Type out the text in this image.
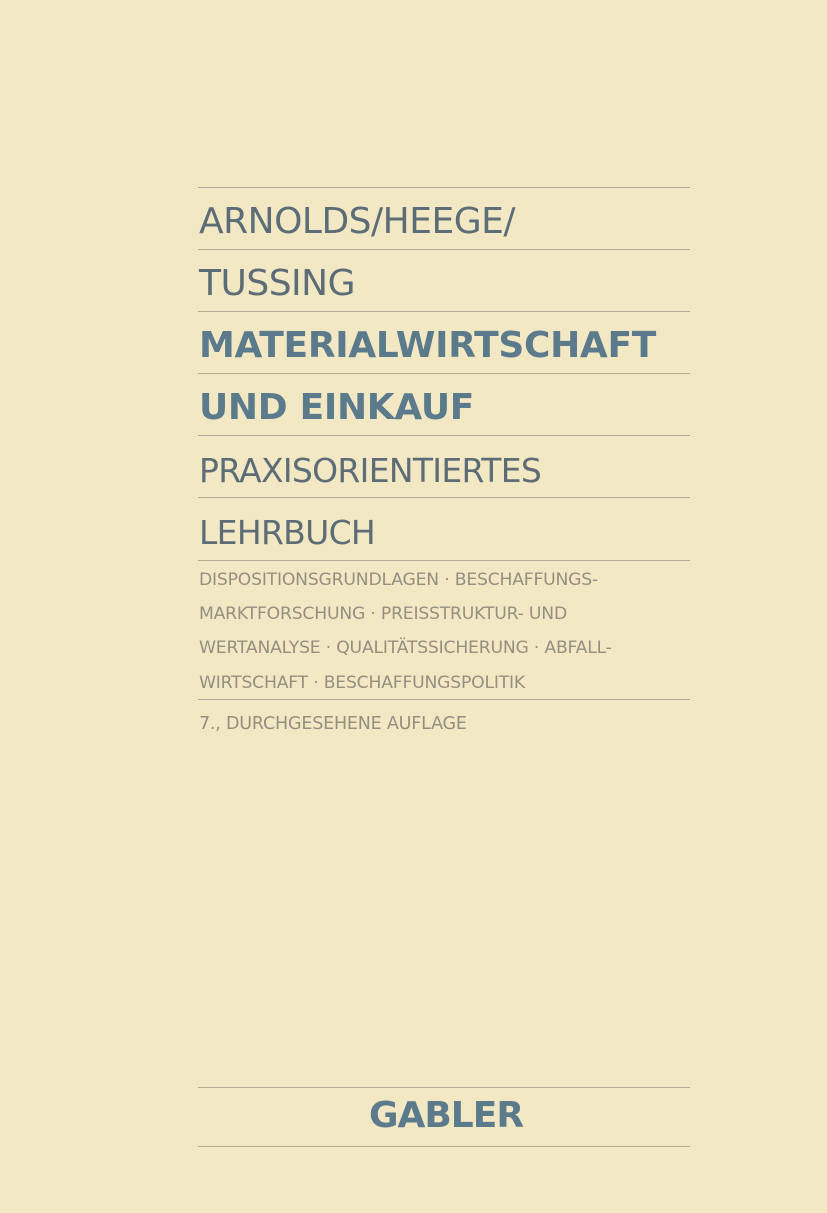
ARNOLDS/HEEGE/
TUSSING
MATERIALWIRTSCHAFT
UND EINKAUF
PRAXISORIENTIERTES
LEHRBUCH
DISPOSITIONSGRUNDLAGEN · BESCHAFFUNGS-
MARKTFORSCHUNG · PREISSTRUKTUR- UND
WERTANALYSE · QUALITÄTSSICHERUNG · ABFALL-
WIRTSCHAFT · BESCHAFFUNGSPOLITIK
7., DURCHGESEHENE AUFLAGE
GABLER
